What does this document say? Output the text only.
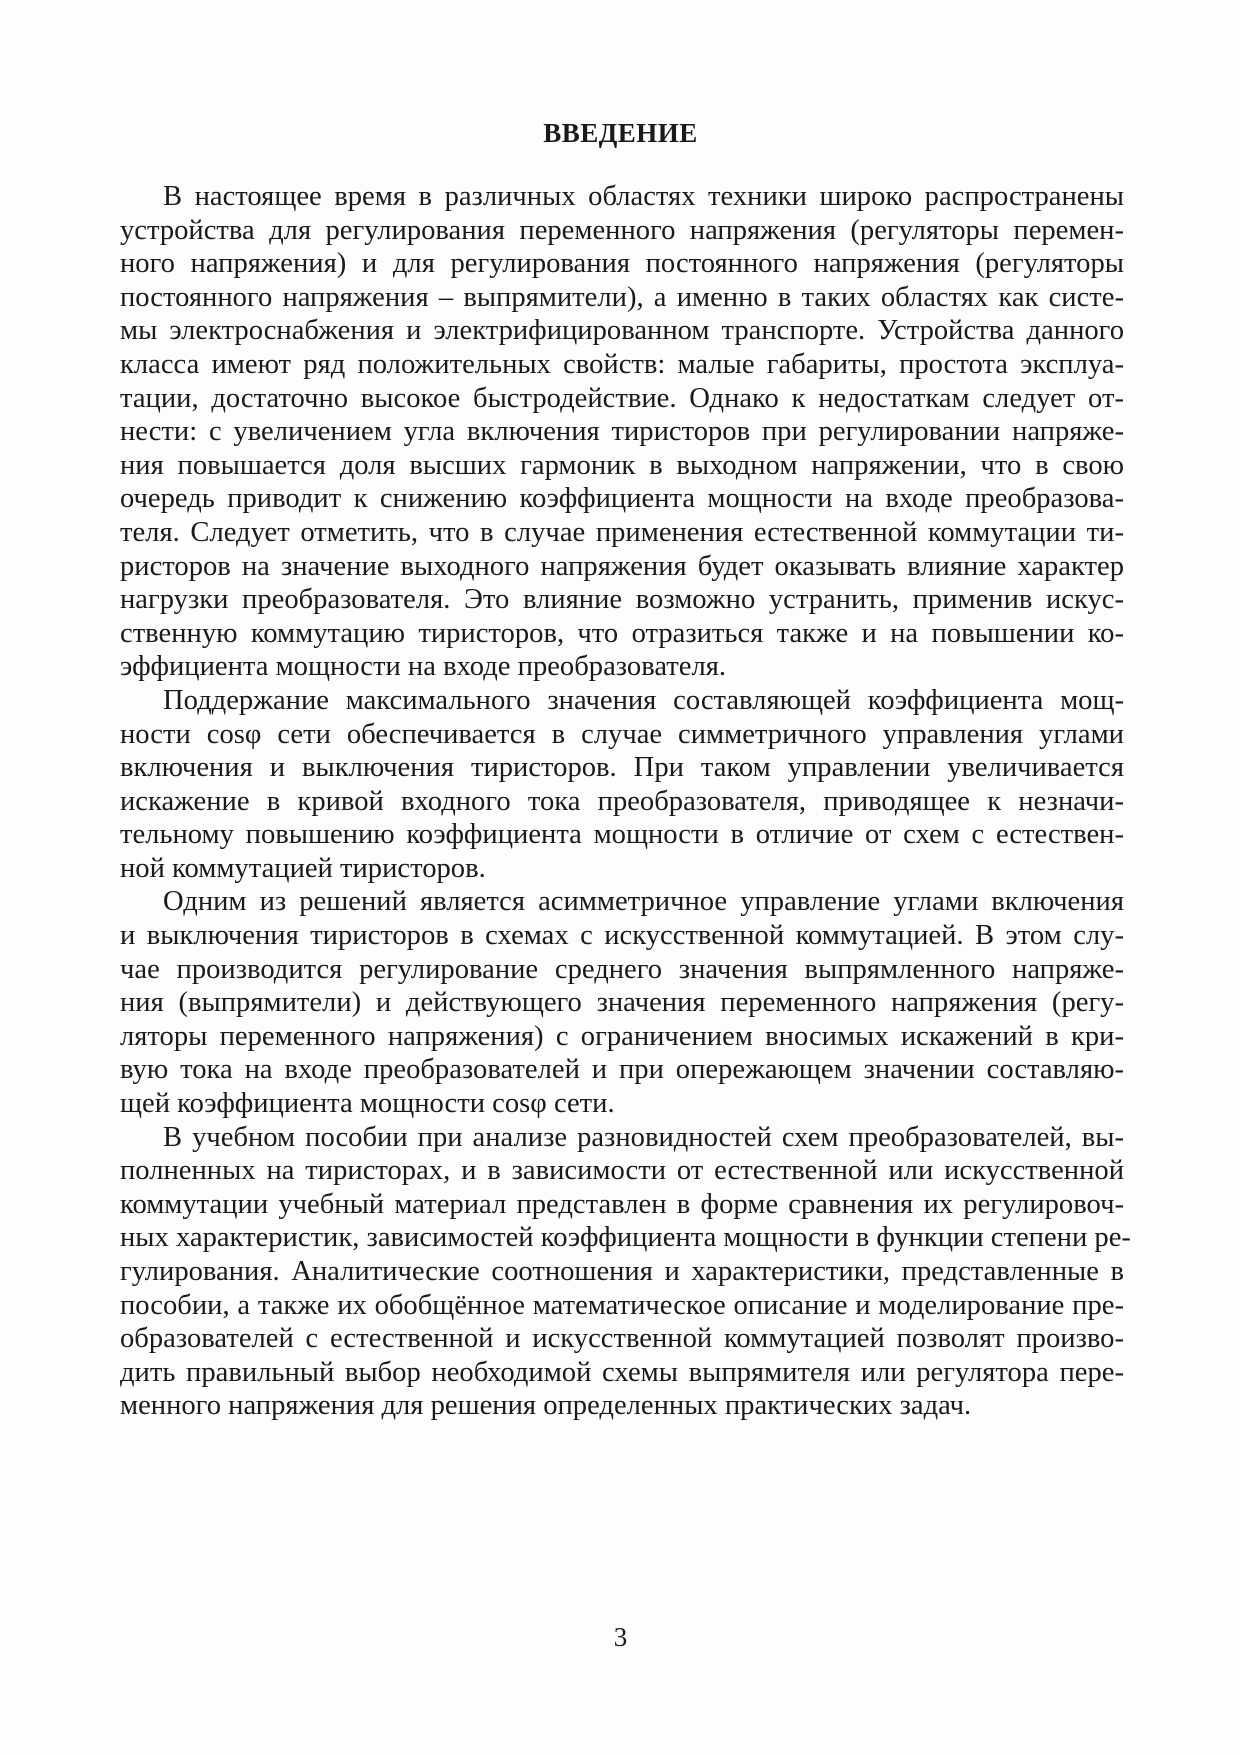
ВВЕДЕНИЕ

В настоящее время в различных областях техники широко распространены
устройства для регулирования переменного напряжения (регуляторы перемен-
ного напряжения) и для регулирования постоянного напряжения (регуляторы
постоянного напряжения – выпрямители), а именно в таких областях как систе-
мы электроснабжения и электрифицированном транспорте. Устройства данного
класса имеют ряд положительных свойств: малые габариты, простота эксплуа-
тации, достаточно высокое быстродействие. Однако к недостаткам следует от-
нести: с увеличением угла включения тиристоров при регулировании напряже-
ния повышается доля высших гармоник в выходном напряжении, что в свою
очередь приводит к снижению коэффициента мощности на входе преобразова-
теля. Следует отметить, что в случае применения естественной коммутации ти-
ристоров на значение выходного напряжения будет оказывать влияние характер
нагрузки преобразователя. Это влияние возможно устранить, применив искус-
ственную коммутацию тиристоров, что отразиться также и на повышении ко-
эффициента мощности на входе преобразователя.

Поддержание максимального значения составляющей коэффициента мощ-
ности cosφ сети обеспечивается в случае симметричного управления углами
включения и выключения тиристоров. При таком управлении увеличивается
искажение в кривой входного тока преобразователя, приводящее к незначи-
тельному повышению коэффициента мощности в отличие от схем с естествен-
ной коммутацией тиристоров.

Одним из решений является асимметричное управление углами включения
и выключения тиристоров в схемах с искусственной коммутацией. В этом слу-
чае производится регулирование среднего значения выпрямленного напряже-
ния (выпрямители) и действующего значения переменного напряжения (регу-
ляторы переменного напряжения) с ограничением вносимых искажений в кри-
вую тока на входе преобразователей и при опережающем значении составляю-
щей коэффициента мощности cosφ сети.

В учебном пособии при анализе разновидностей схем преобразователей, вы-
полненных на тиристорах, и в зависимости от естественной или искусственной
коммутации учебный материал представлен в форме сравнения их регулировоч-
ных характеристик, зависимостей коэффициента мощности в функции степени ре-
гулирования. Аналитические соотношения и характеристики, представленные в
пособии, а также их обобщённое математическое описание и моделирование пре-
образователей с естественной и искусственной коммутацией позволят произво-
дить правильный выбор необходимой схемы выпрямителя или регулятора пере-
менного напряжения для решения определенных практических задач.

3
